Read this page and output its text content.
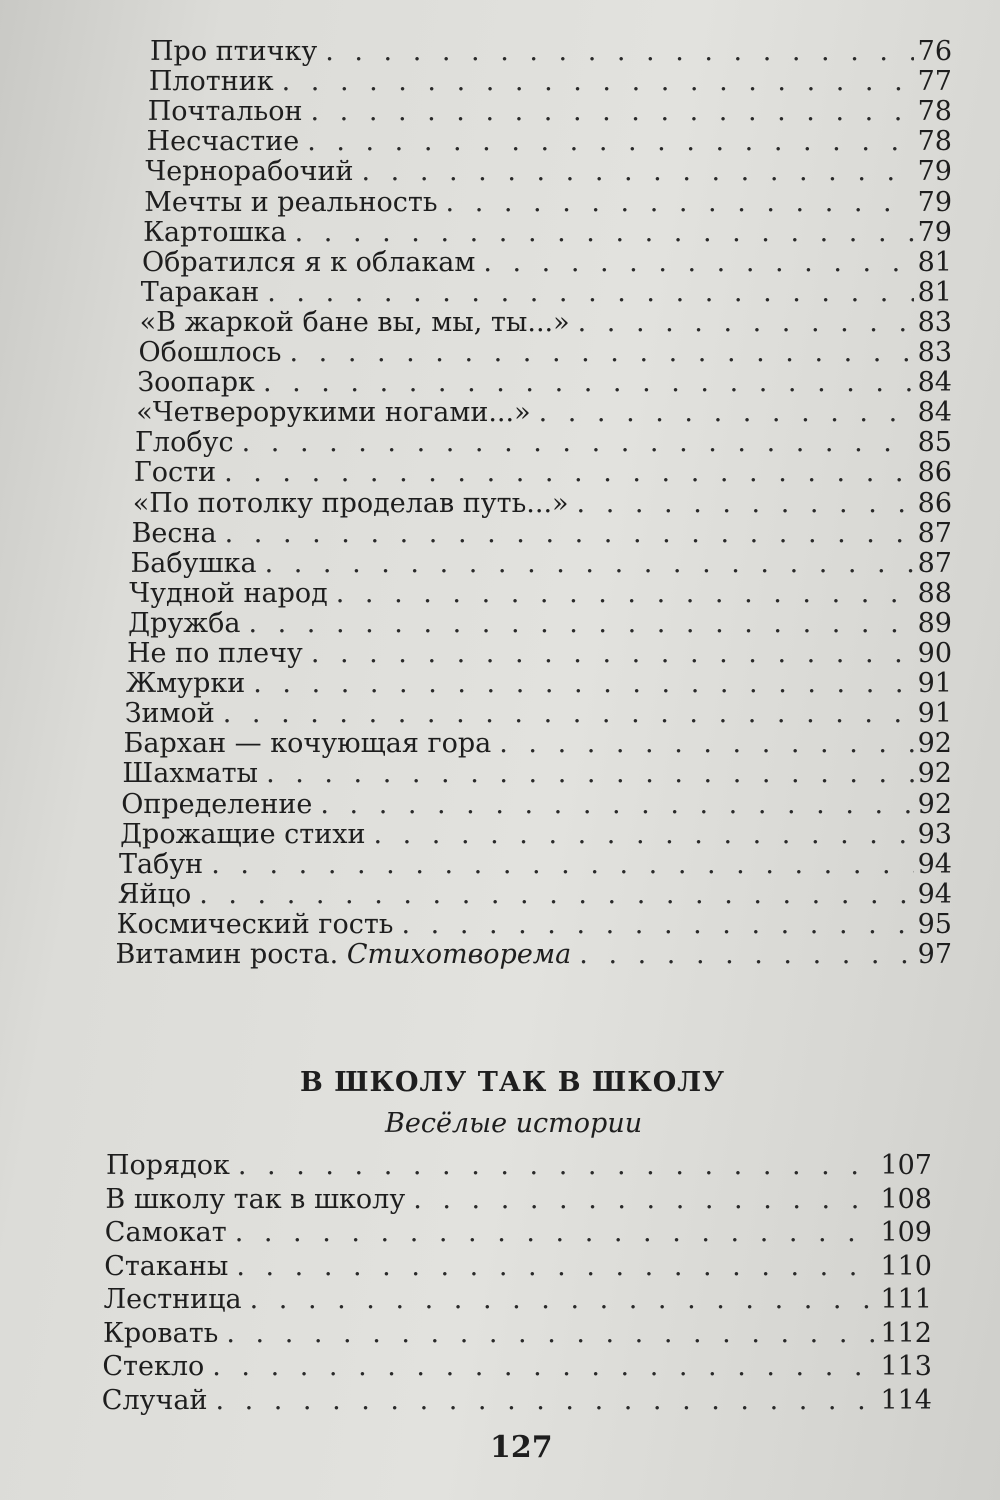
Про птичку . . .	76
Плотник . . .	77
Почтальон . . .	78
Несчастие . . .	78
Чернорабочий . . .	79
Мечты и реальность . . .	79
Картошка . . .	79
Обратился я к облакам . . .	81
Таракан . . .	81
«В жаркой бане вы, мы, ты...» . . .	83
Обошлось . . .	83
Зоопарк . . .	84
«Четверорукими ногами...» . . .	84
Глобус . . .	85
Гости . . .	86
«По потолку проделав путь...» . . .	86
Весна . . .	87
Бабушка . . .	87
Чудной народ . . .	88
Дружба . . .	89
Не по плечу . . .	90
Жмурки . . .	91
Зимой . . .	91
Бархан — кочующая гора . . .	92
Шахматы . . .	92
Определение . . .	92
Дрожащие стихи . . .	93
Табун . . .	94
Яйцо . . .	94
Космический гость . . .	95
Витамин роста. Стихотворема . . .	97
В ШКОЛУ ТАК В ШКОЛУ
Весёлые истории
Порядок . . .	107
В школу так в школу . . .	108
Самокат . . .	109
Стаканы . . .	110
Лестница . . .	111
Кровать . . .	112
Стекло . . .	113
Случай . . .	114
127
